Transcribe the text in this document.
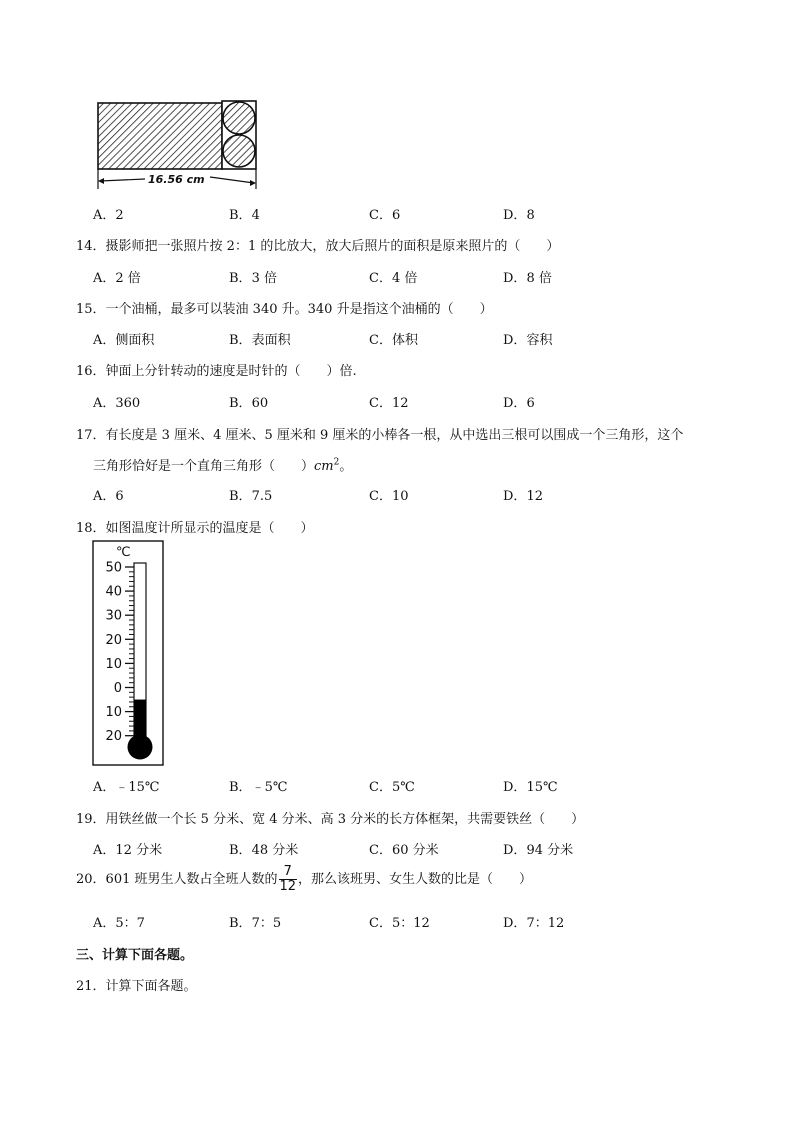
16.56 cm
A．2	B．4	C．6	D．8
14．摄影师把一张照片按 2：1 的比放大，放大后照片的面积是原来照片的（　　）
A．2 倍	B．3 倍	C．4 倍	D．8 倍
15．一个油桶，最多可以装油 340 升。340 升是指这个油桶的（　　）
A．侧面积	B．表面积	C．体积	D．容积
16．钟面上分针转动的速度是时针的（　　）倍.
A．360	B．60	C．12	D．6
17．有长度是 3 厘米、4 厘米、5 厘米和 9 厘米的小棒各一根，从中选出三根可以围成一个三角形，这个
三角形恰好是一个直角三角形（　　）$cm^2$。
A．6	B．7.5	C．10	D．12
18．如图温度计所显示的温度是（　　）
℃
50
40
30
20
10
0
10
20
A．﹣15℃	B．﹣5℃	C．5℃	D．15℃
19．用铁丝做一个长 5 分米、宽 4 分米、高 3 分米的长方体框架，共需要铁丝（　　）
A．12 分米	B．48 分米	C．60 分米	D．94 分米
20．601 班男生人数占全班人数的 $\frac{7}{12}$ ，那么该班男、女生人数的比是（　　）
A．5：7	B．7：5	C．5：12	D．7：12
三、计算下面各题。
21．计算下面各题。
